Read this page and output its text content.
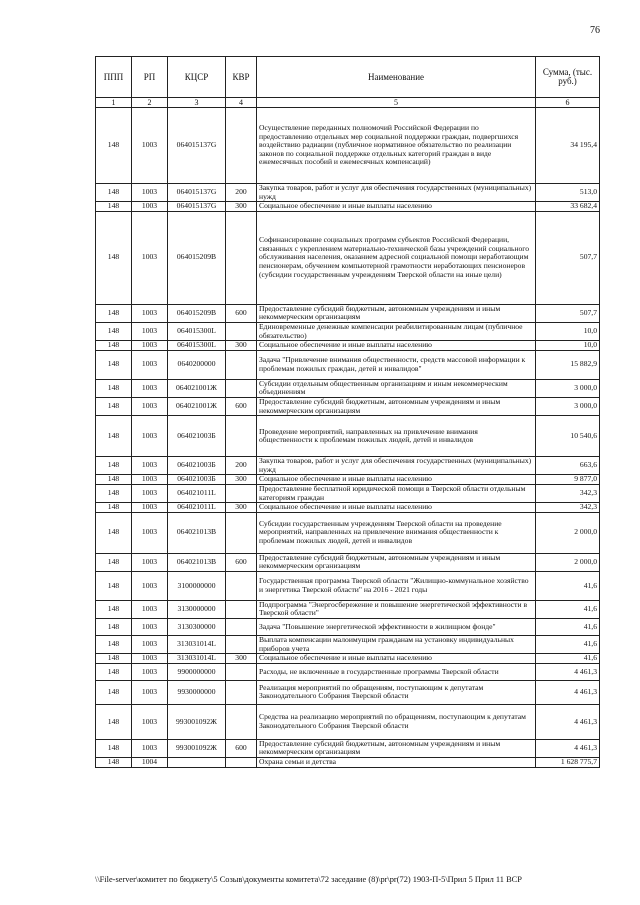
76
ППП	РП	КЦСР	КВР	Наименование	Сумма, (тыс. руб.)
1	2	3	4	5	6
148	1003	064015137G		Осуществление переданных полномочий Российской Федерации по предоставлению отдельных мер социальной поддержки граждан, подвергшихся воздействию радиации (публичное нормативное обязательство по реализации законов по социальной поддержке отдельных категорий граждан в виде ежемесячных пособий и ежемесячных компенсаций)	34 195,4
148	1003	064015137G	200	Закупка товаров, работ и услуг для обеспечения государственных (муниципальных) нужд	513,0
148	1003	064015137G	300	Социальное обеспечение и иные выплаты населению	33 682,4
148	1003	064015209B		Софинансирование социальных программ субъектов Российской Федерации, связанных с укреплением материально-технической базы учреждений социального обслуживания населения, оказанием адресной социальной помощи неработающим пенсионерам, обучением компьютерной грамотности неработающих пенсионеров (субсидии государственным учреждениям Тверской области на иные цели)	507,7
148	1003	064015209B	600	Предоставление субсидий бюджетным, автономным учреждениям и иным некоммерческим организациям	507,7
148	1003	064015300L		Единовременные денежные компенсации реабилитированным лицам (публичное обязательство)	10,0
148	1003	064015300L	300	Социальное обеспечение и иные выплаты населению	10,0
148	1003	0640200000		Задача "Привлечение внимания общественности, средств массовой информации к проблемам пожилых граждан, детей и инвалидов"	15 882,9
148	1003	064021001Ж		Субсидии отдельным общественным организациям и иным некоммерческим объединениям	3 000,0
148	1003	064021001Ж	600	Предоставление субсидий бюджетным, автономным учреждениям и иным некоммерческим организациям	3 000,0
148	1003	064021003Б		Проведение мероприятий, направленных на привлечение внимания общественности к проблемам пожилых людей, детей и инвалидов	10 540,6
148	1003	064021003Б	200	Закупка товаров, работ и услуг для обеспечения государственных (муниципальных) нужд	663,6
148	1003	064021003Б	300	Социальное обеспечение и иные выплаты населению	9 877,0
148	1003	064021011L		Предоставление бесплатной юридической помощи в Тверской области отдельным категориям граждан	342,3
148	1003	064021011L	300	Социальное обеспечение и иные выплаты населению	342,3
148	1003	064021013B		Субсидии государственным учреждениям Тверской области на проведение мероприятий, направленных на привлечение внимания общественности к проблемам пожилых людей, детей и инвалидов	2 000,0
148	1003	064021013B	600	Предоставление субсидий бюджетным, автономным учреждениям и иным некоммерческим организациям	2 000,0
148	1003	3100000000		Государственная программа Тверской области "Жилищно-коммунальное хозяйство и энергетика Тверской области" на 2016 - 2021 годы	41,6
148	1003	3130000000		Подпрограмма "Энергосбережение и повышение энергетической эффективности в Тверской области"	41,6
148	1003	3130300000		Задача "Повышение энергетической эффективности в жилищном фонде"	41,6
148	1003	313031014L		Выплата компенсации малоимущим гражданам на установку индивидуальных приборов учета	41,6
148	1003	313031014L	300	Социальное обеспечение и иные выплаты населению	41,6
148	1003	9900000000		Расходы, не включенные в государственные программы Тверской области	4 461,3
148	1003	9930000000		Реализация мероприятий по обращениям, поступающим к депутатам Законодательного Собрания Тверской области	4 461,3
148	1003	993001092Ж		Средства на реализацию мероприятий по обращениям, поступающим к депутатам Законодательного Собрания Тверской области	4 461,3
148	1003	993001092Ж	600	Предоставление субсидий бюджетным, автономным учреждениям и иным некоммерческим организациям	4 461,3
148	1004			Охрана семьи и детства	1 628 775,7
\\File-server\комитет по бюджету\5 Созыв\документы комитета\72 заседание (8)\pr\pr(72) 1903-П-5\Прил 5 Прил 11 ВСР
